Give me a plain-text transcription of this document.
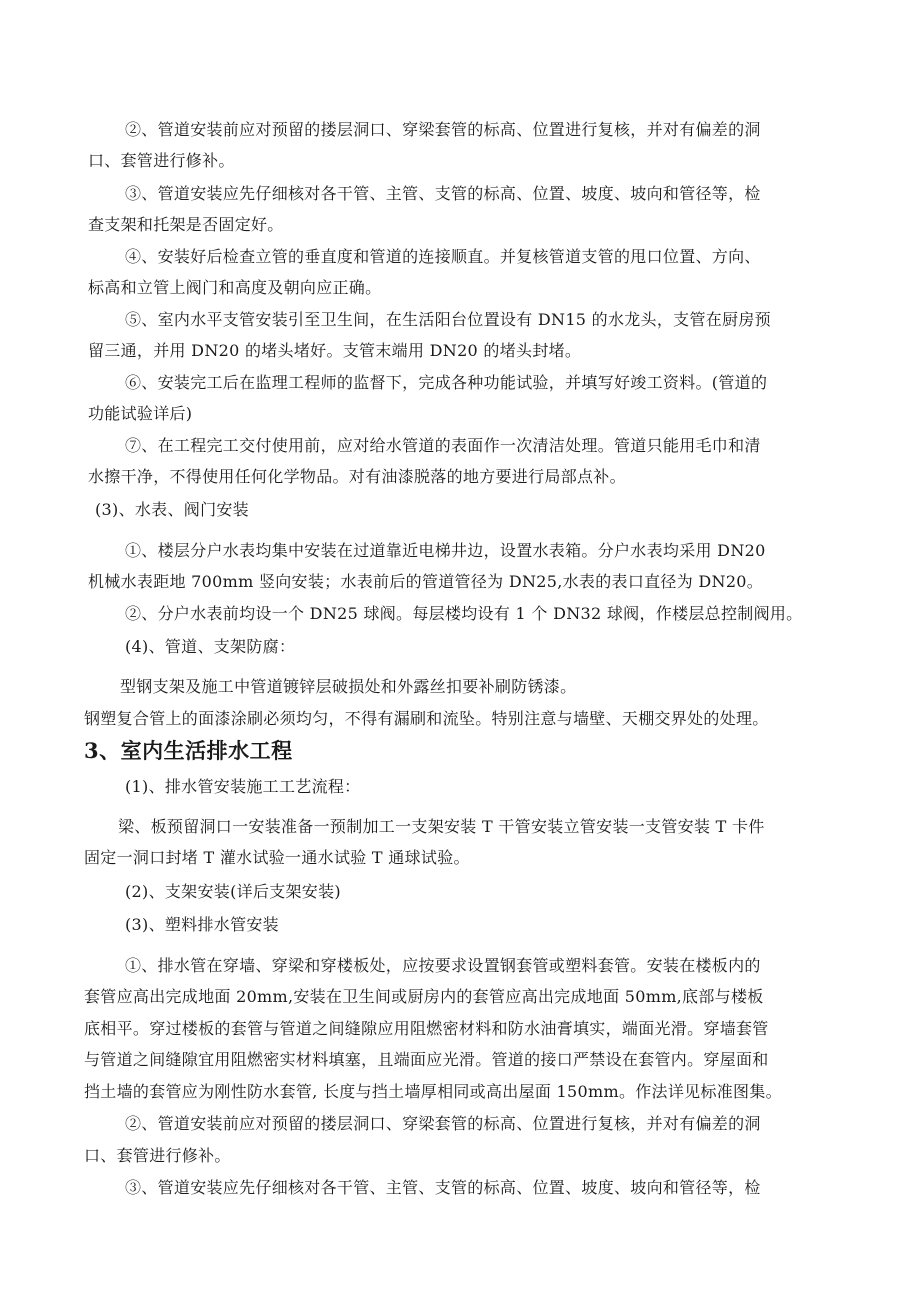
②、管道安装前应对预留的搂层洞口、穿梁套管的标高、位置进行复核，并对有偏差的洞
口、套管进行修补。
③、管道安装应先仔细核对各干管、主管、支管的标高、位置、坡度、坡向和管径等，检
查支架和托架是否固定好。
④、安装好后检查立管的垂直度和管道的连接顺直。并复核管道支管的甩口位置、方向、
标高和立管上阀门和高度及朝向应正确。
⑤、室内水平支管安装引至卫生间，在生活阳台位置设有 DN15 的水龙头，支管在厨房预
留三通，并用 DN20 的堵头堵好。支管末端用 DN20 的堵头封堵。
⑥、安装完工后在监理工程师的监督下，完成各种功能试验，并填写好竣工资料。(管道的
功能试验详后)
⑦、在工程完工交付使用前，应对给水管道的表面作一次清洁处理。管道只能用毛巾和清
水擦干净，不得使用任何化学物品。对有油漆脱落的地方要进行局部点补。
(3)、水表、阀门安装
①、楼层分户水表均集中安装在过道靠近电梯井边，设置水表箱。分户水表均采用 DN20
机械水表距地 700mm 竖向安装；水表前后的管道管径为 DN25,水表的表口直径为 DN20。
②、分户水表前均设一个 DN25 球阀。每层楼均设有 1 个 DN32 球阀，作楼层总控制阀用。
(4)、管道、支架防腐：
型钢支架及施工中管道镀锌层破损处和外露丝扣要补刷防锈漆。
钢塑复合管上的面漆涂刷必须均匀，不得有漏刷和流坠。特别注意与墙壁、天棚交界处的处理。
3、室内生活排水工程
(1)、排水管安装施工工艺流程：
梁、板预留洞口一安装准备一预制加工一支架安装 T 干管安装立管安装一支管安装 T 卡件
固定一洞口封堵 T 灌水试验一通水试验 T 通球试验。
(2)、支架安装(详后支架安装)
(3)、塑料排水管安装
①、排水管在穿墙、穿梁和穿楼板处，应按要求设置钢套管或塑料套管。安装在楼板内的
套管应高出完成地面 20mm,安装在卫生间或厨房内的套管应高出完成地面 50mm,底部与楼板
底相平。穿过楼板的套管与管道之间缝隙应用阻燃密材料和防水油膏填实，端面光滑。穿墙套管
与管道之间缝隙宜用阻燃密实材料填塞，且端面应光滑。管道的接口严禁设在套管内。穿屋面和
挡土墙的套管应为刚性防水套管, 长度与挡土墙厚相同或高出屋面 150mm。作法详见标准图集。
②、管道安装前应对预留的搂层洞口、穿梁套管的标高、位置进行复核，并对有偏差的洞
口、套管进行修补。
③、管道安装应先仔细核对各干管、主管、支管的标高、位置、坡度、坡向和管径等，检
